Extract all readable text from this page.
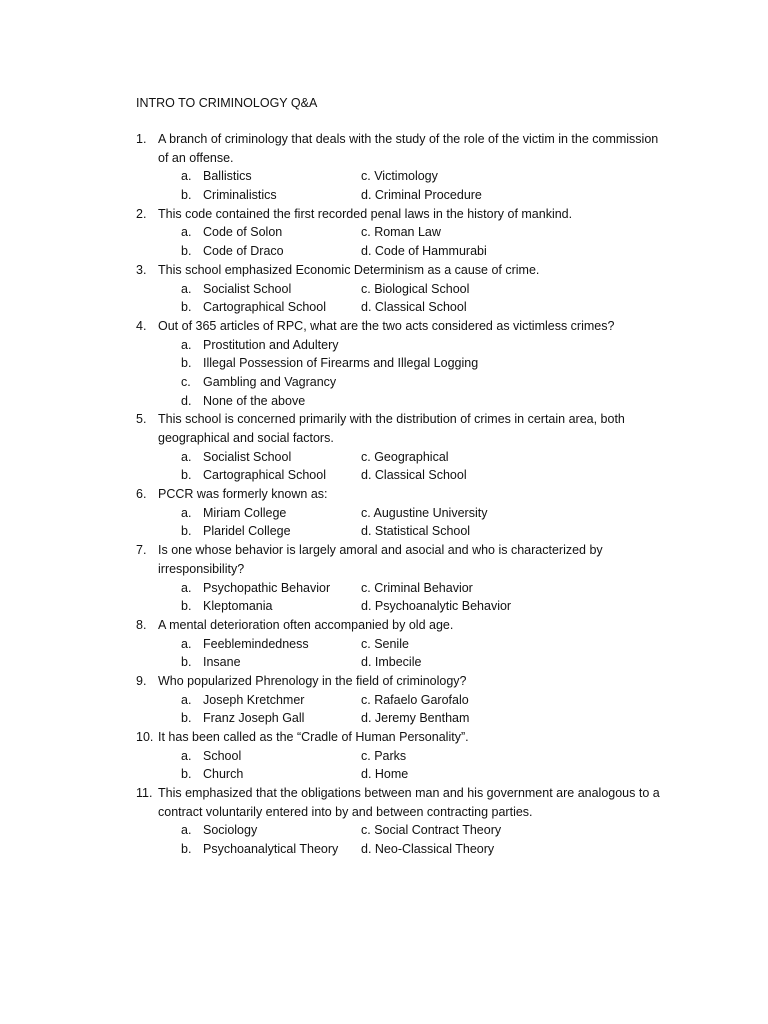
INTRO TO CRIMINOLOGY Q&A
1. A branch of criminology that deals with the study of the role of the victim in the commission
of an offense.
a. Ballistics	c. Victimology
b. Criminalistics	d. Criminal Procedure
2. This code contained the first recorded penal laws in the history of mankind.
a. Code of Solon	c. Roman Law
b. Code of Draco	d. Code of Hammurabi
3. This school emphasized Economic Determinism as a cause of crime.
a. Socialist School	c. Biological School
b. Cartographical School	d. Classical School
4. Out of 365 articles of RPC, what are the two acts considered as victimless crimes?
a. Prostitution and Adultery
b. Illegal Possession of Firearms and Illegal Logging
c. Gambling and Vagrancy
d. None of the above
5. This school is concerned primarily with the distribution of crimes in certain area, both
geographical and social factors.
a. Socialist School	c. Geographical
b. Cartographical School	d. Classical School
6. PCCR was formerly known as:
a. Miriam College	c. Augustine University
b. Plaridel College	d. Statistical School
7. Is one whose behavior is largely amoral and asocial and who is characterized by
irresponsibility?
a. Psychopathic Behavior c. Criminal Behavior
b. Kleptomania	d. Psychoanalytic Behavior
8. A mental deterioration often accompanied by old age.
a. Feeblemindedness	c. Senile
b. Insane	d. Imbecile
9. Who popularized Phrenology in the field of criminology?
a. Joseph Kretchmer	c. Rafaelo Garofalo
b. Franz Joseph Gall	d. Jeremy Bentham
10. It has been called as the “Cradle of Human Personality”.
a. School	c. Parks
b. Church	d. Home
11. This emphasized that the obligations between man and his government are analogous to a
contract voluntarily entered into by and between contracting parties.
a. Sociology	c. Social Contract Theory
b. Psychoanalytical Theory d. Neo-Classical Theory
